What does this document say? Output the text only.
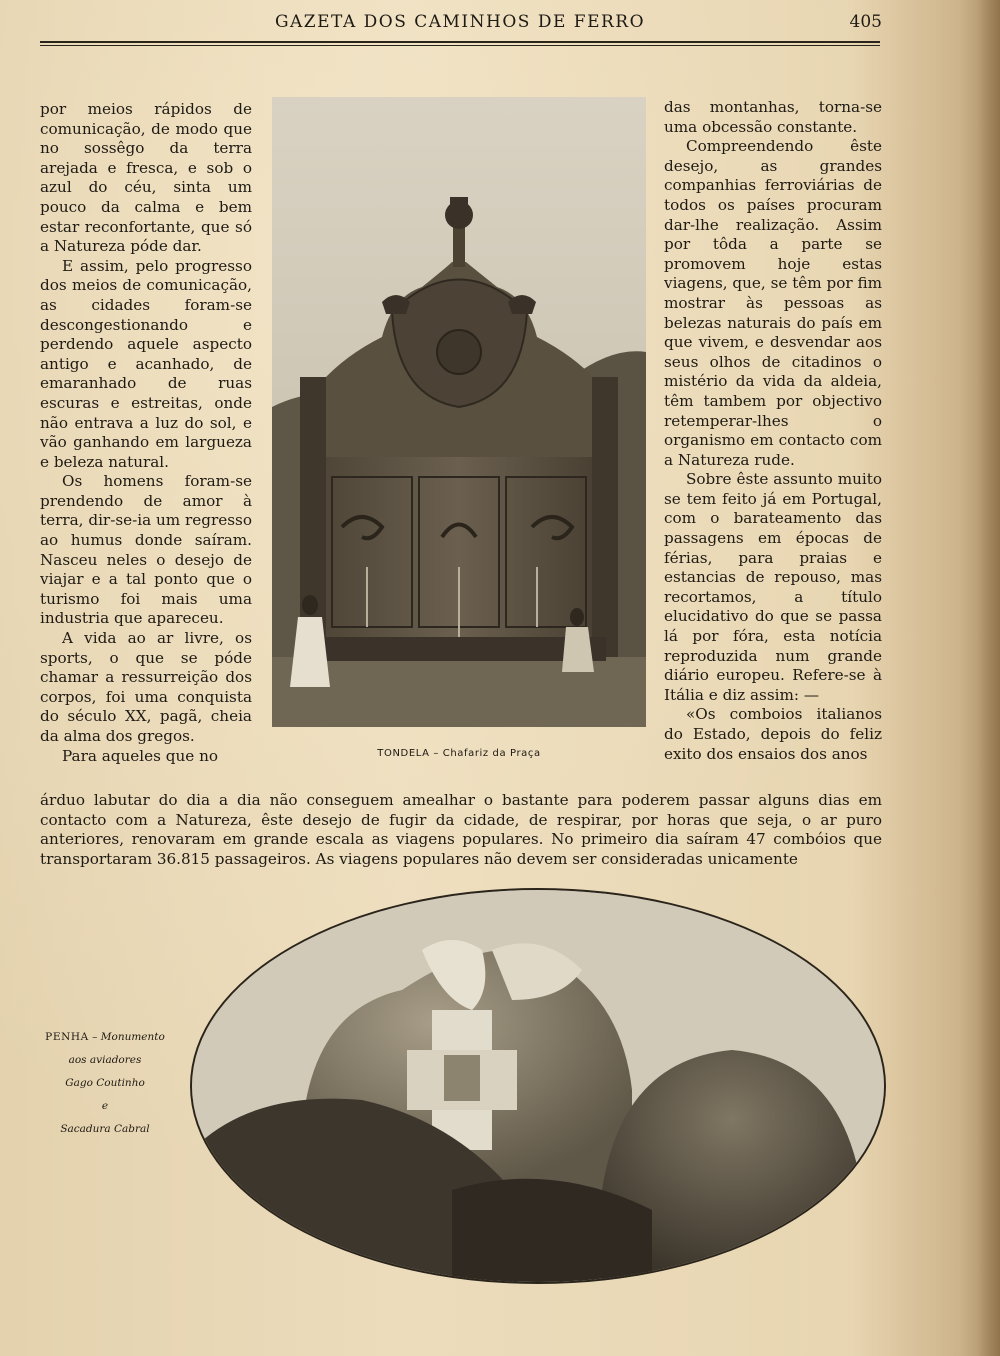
GAZETA DOS CAMINHOS DE FERRO	405

por meios rápidos de comunicação, de modo que no sossêgo da terra arejada e fresca, e sob o azul do céu, sinta um pouco da calma e bem estar reconfortante, que só a Natureza póde dar.

E assim, pelo progresso dos meios de comunicação, as cidades foram-se descongestionando e perdendo aquele aspecto antigo e acanhado, de emaranhado de ruas escuras e estreitas, onde não entrava a luz do sol, e vão ganhando em largueza e beleza natural.

Os homens foram-se prendendo de amor à terra, dir-se-ia um regresso ao humus donde saíram. Nasceu neles o desejo de viajar e a tal ponto que o turismo foi mais uma industria que apareceu.

A vida ao ar livre, os sports, o que se póde chamar a ressurreição dos corpos, foi uma conquista do século XX, pagã, cheia da alma dos gregos.

Para aqueles que no	TONDELA – Chafariz da Praça

das montanhas, torna-se uma obcessão constante.

Compreendendo êste desejo, as grandes companhias ferroviárias de todos os países procuram dar-lhe realização. Assim por tôda a parte se promovem hoje estas viagens, que, se têm por fim mostrar às pessoas as belezas naturais do país em que vivem, e desvendar aos seus olhos de citadinos o mistério da vida da aldeia, têm tambem por objectivo retemperar-lhes o organismo em contacto com a Natureza rude.

Sobre êste assunto muito se tem feito já em Portugal, com o barateamento das passagens em épocas de férias, para praias e estancias de repouso, mas recortamos, a título elucidativo do que se passa lá por fóra, esta notícia reproduzida num grande diário europeu. Refere-se à Itália e diz assim: —

«Os comboios italianos do Estado, depois do feliz exito dos ensaios dos anos

árduo labutar do dia a dia não conseguem amealhar o bastante para poderem passar alguns dias em contacto com a Natureza, êste desejo de fugir da cidade, de respirar, por horas que seja, o ar puro anteriores, renovaram em grande escala as viagens populares. No primeiro dia saíram 47 combóios que transportaram 36.815 passageiros. As viagens populares não devem ser consideradas unicamente

PENHA – Monumento
aos aviadores
Gago Coutinho
e
Sacadura Cabral
